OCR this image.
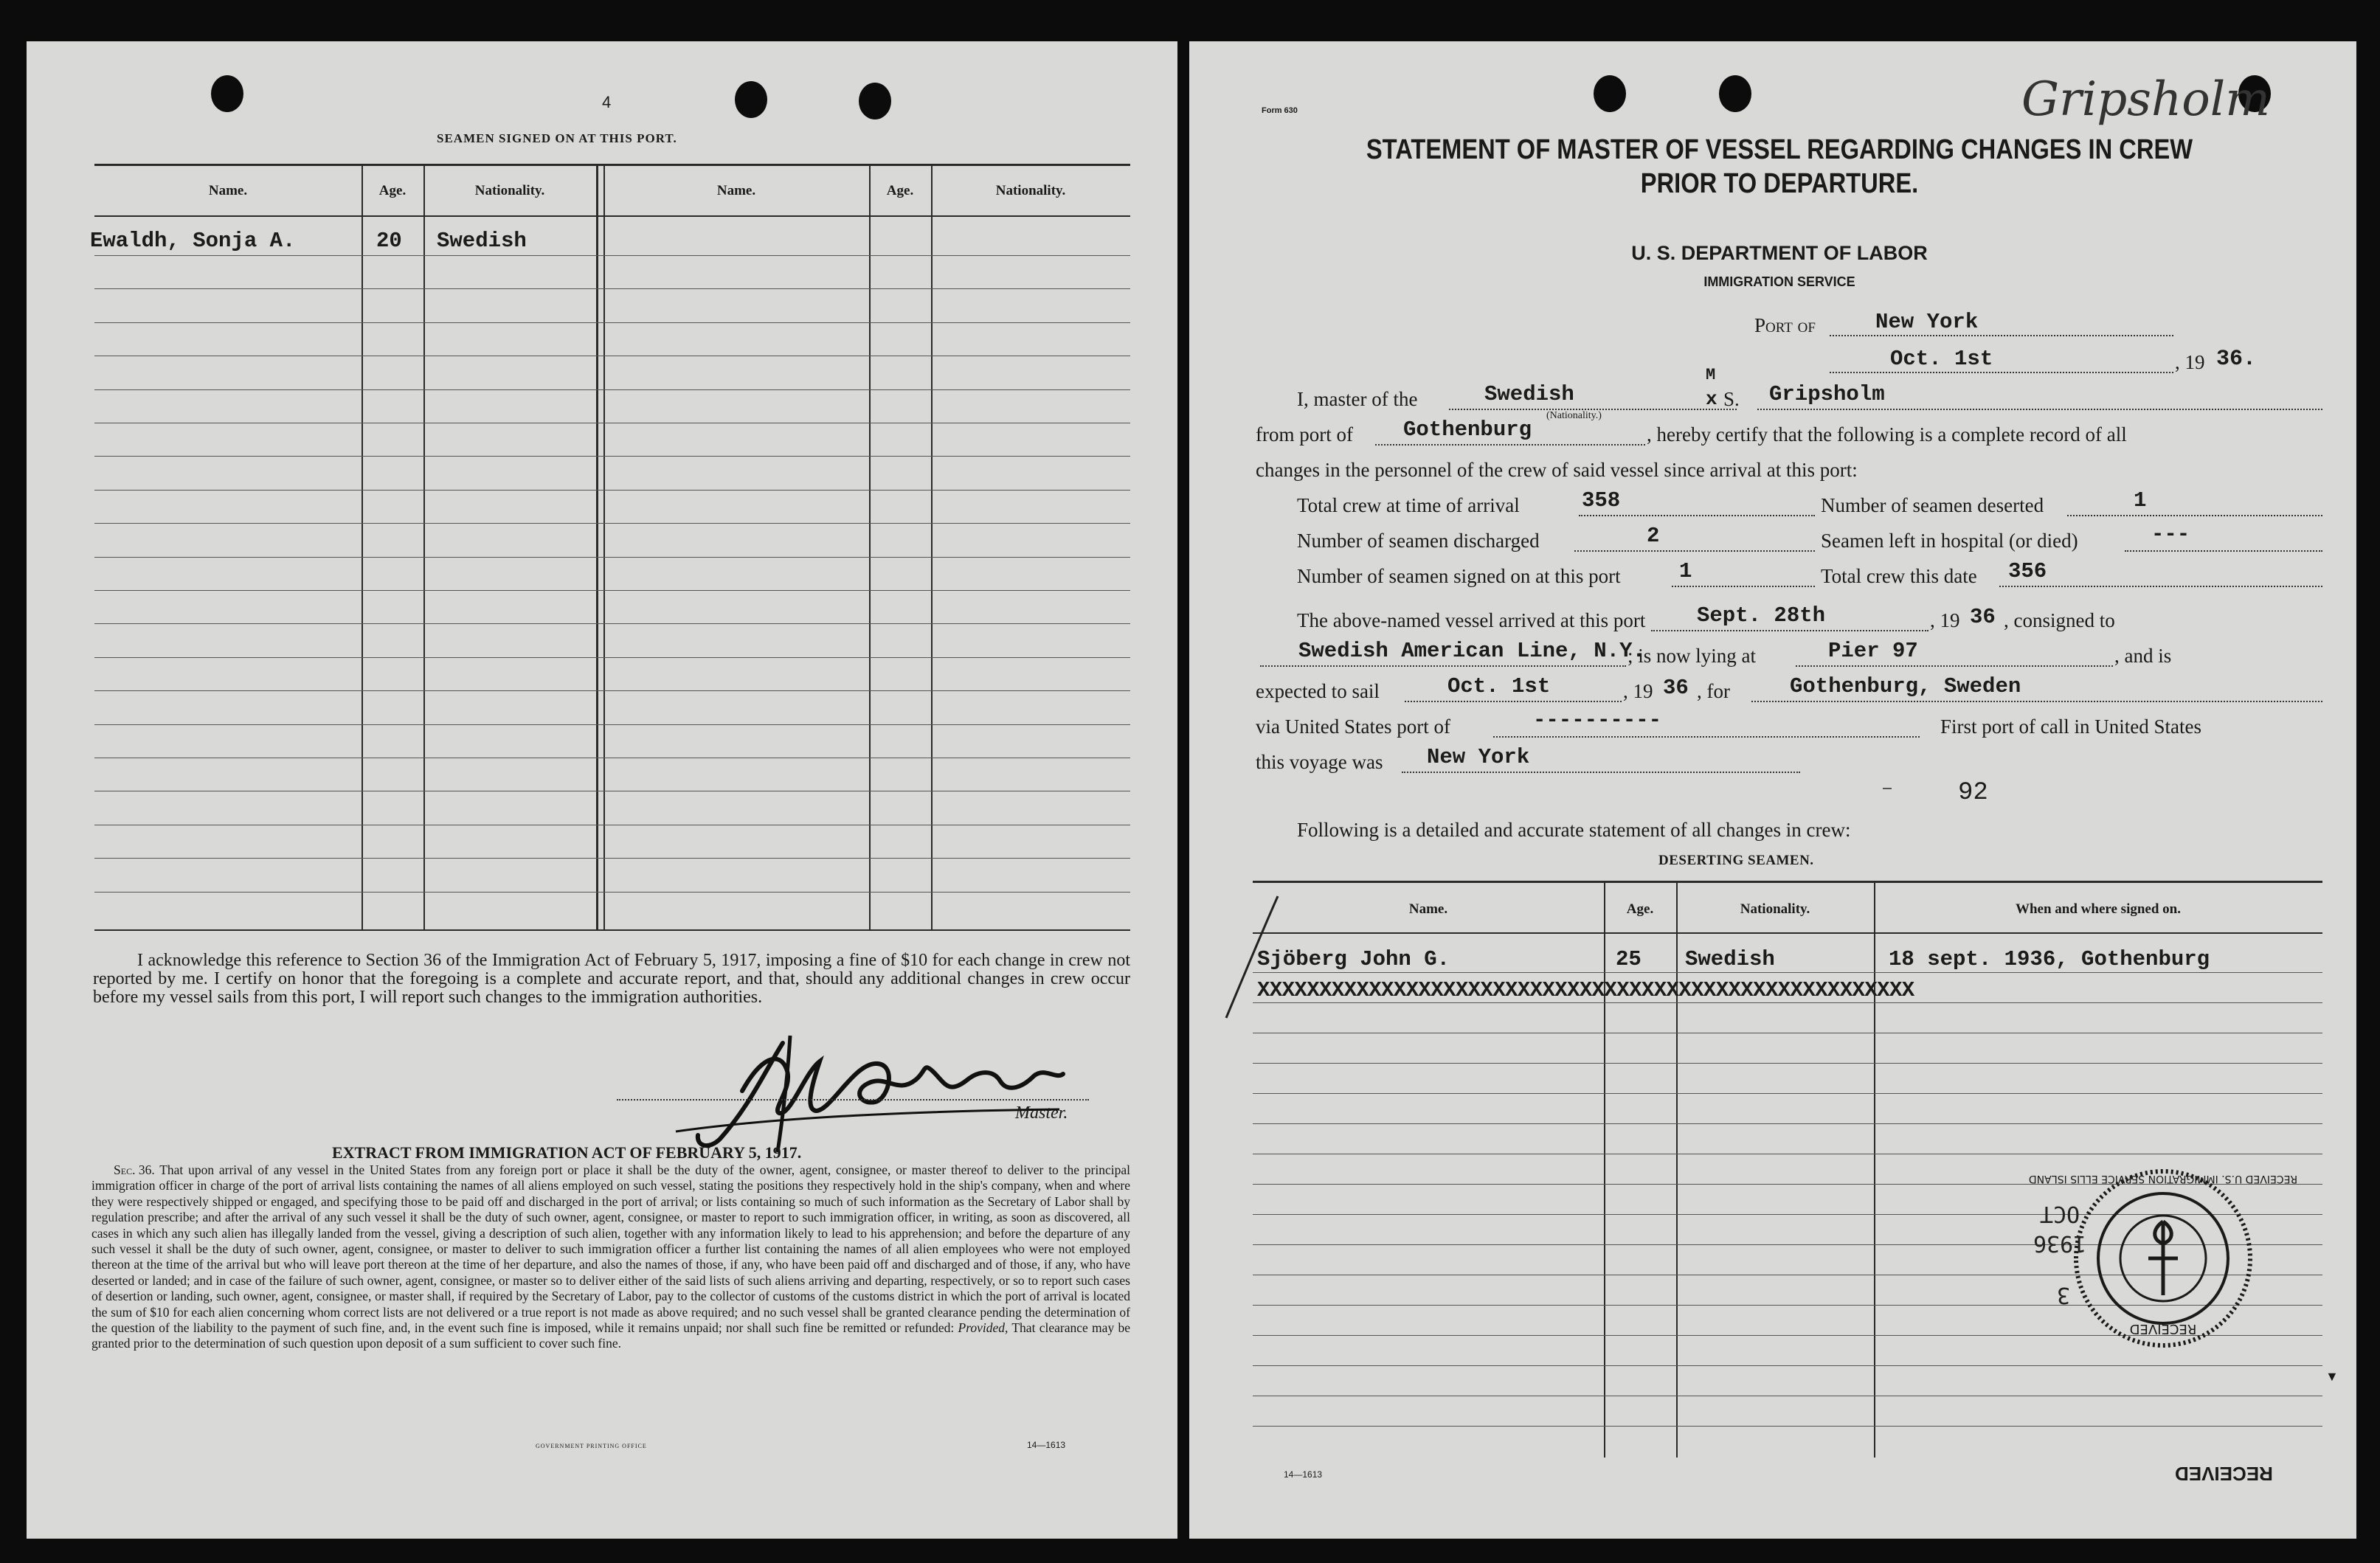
4
SEAMEN SIGNED ON AT THIS PORT.
Name.	Age.	Nationality.	Name.	Age.	Nationality.
Ewaldh, Sonja A.	20 Swedish
I acknowledge this reference to Section 36 of the Immigration Act of February 5, 1917, imposing a fine of $10 for each change in crew not reported by me. I certify on honor that the foregoing is a complete and accurate report, and that, should any additional changes in crew occur before my vessel sails from this port, I will report such changes to the immigration authorities.
Master.
EXTRACT FROM IMMIGRATION ACT OF FEBRUARY 5, 1917.
Sec. 36. That upon arrival of any vessel in the United States from any foreign port or place it shall be the duty of the owner, agent, consignee, or master thereof to deliver to the principal immigration officer in charge of the port of arrival lists containing the names of all aliens employed on such vessel, stating the positions they respectively hold in the ship's company, when and where they were respectively shipped or engaged, and specifying those to be paid off and discharged in the port of arrival; or lists containing so much of such information as the Secretary of Labor shall by regulation prescribe; and after the arrival of any such vessel it shall be the duty of such owner, agent, consignee, or master to report to such immigration officer, in writing, as soon as discovered, all cases in which any such alien has illegally landed from the vessel, giving a description of such alien, together with any information likely to lead to his apprehension; and before the departure of any such vessel it shall be the duty of such owner, agent, consignee, or master to deliver to such immigration officer a further list containing the names of all alien employees who were not employed thereon at the time of the arrival but who will leave port thereon at the time of her departure, and also the names of those, if any, who have been paid off and discharged and of those, if any, who have deserted or landed; and in case of the failure of such owner, agent, consignee, or master so to deliver either of the said lists of such aliens arriving and departing, respectively, or so to report such cases of desertion or landing, such owner, agent, consignee, or master shall, if required by the Secretary of Labor, pay to the collector of customs of the customs district in which the port of arrival is located the sum of $10 for each alien concerning whom correct lists are not delivered or a true report is not made as above required; and no such vessel shall be granted clearance pending the determination of the question of the liability to the payment of such fine, and, in the event such fine is imposed, while it remains unpaid; nor shall such fine be remitted or refunded: Provided, That clearance may be granted prior to the determination of such question upon deposit of a sum sufficient to cover such fine.
GOVERNMENT PRINTING OFFICE	14—1613
Form 630	Gripsholm
STATEMENT OF MASTER OF VESSEL REGARDING CHANGES IN CREW
PRIOR TO DEPARTURE.
U. S. DEPARTMENT OF LABOR
IMMIGRATION SERVICE
Port of	New York
Oct. 1st	, 19 36.
I, master of the	Swedish
(Nationality.)
M
x S. Gripsholm
from port of Gothenburg	, hereby certify that the following is a complete record of all
changes in the personnel of the crew of said vessel since arrival at this port:
Total crew at time of arrival	358	Number of seamen deserted	1
Number of seamen discharged	2	Seamen left in hospital (or died)	---
Number of seamen signed on at this port	1	Total crew this date 356
The above-named vessel arrived at this port Sept. 28th	, 19 36 , consigned to
Swedish American Line, N.Y.
; is now lying at	Pier 97	, and is
expected to sail	Oct. 1st	, 19 36 , for	Gothenburg, Sweden
via United States port of	----------	First port of call in United States
this voyage was New York
92
Following is a detailed and accurate statement of all changes in crew:
DESERTING SEAMEN.
Name.	Age.	Nationality.	When and where signed on.
Sjöberg John G.	25 Swedish	18 sept. 1936, Gothenburg
XXXXXXXXXXXXXXXXXXXXXXXXXXXXXXXXXXXXXXXXXXXXXXXXXXXXX
RECEIVED
RECEIVED U.S. IMMIGRATION SERVICE ELLIS ISLAND
3
1936
OCT
RECEIVED
▼
14—1613
